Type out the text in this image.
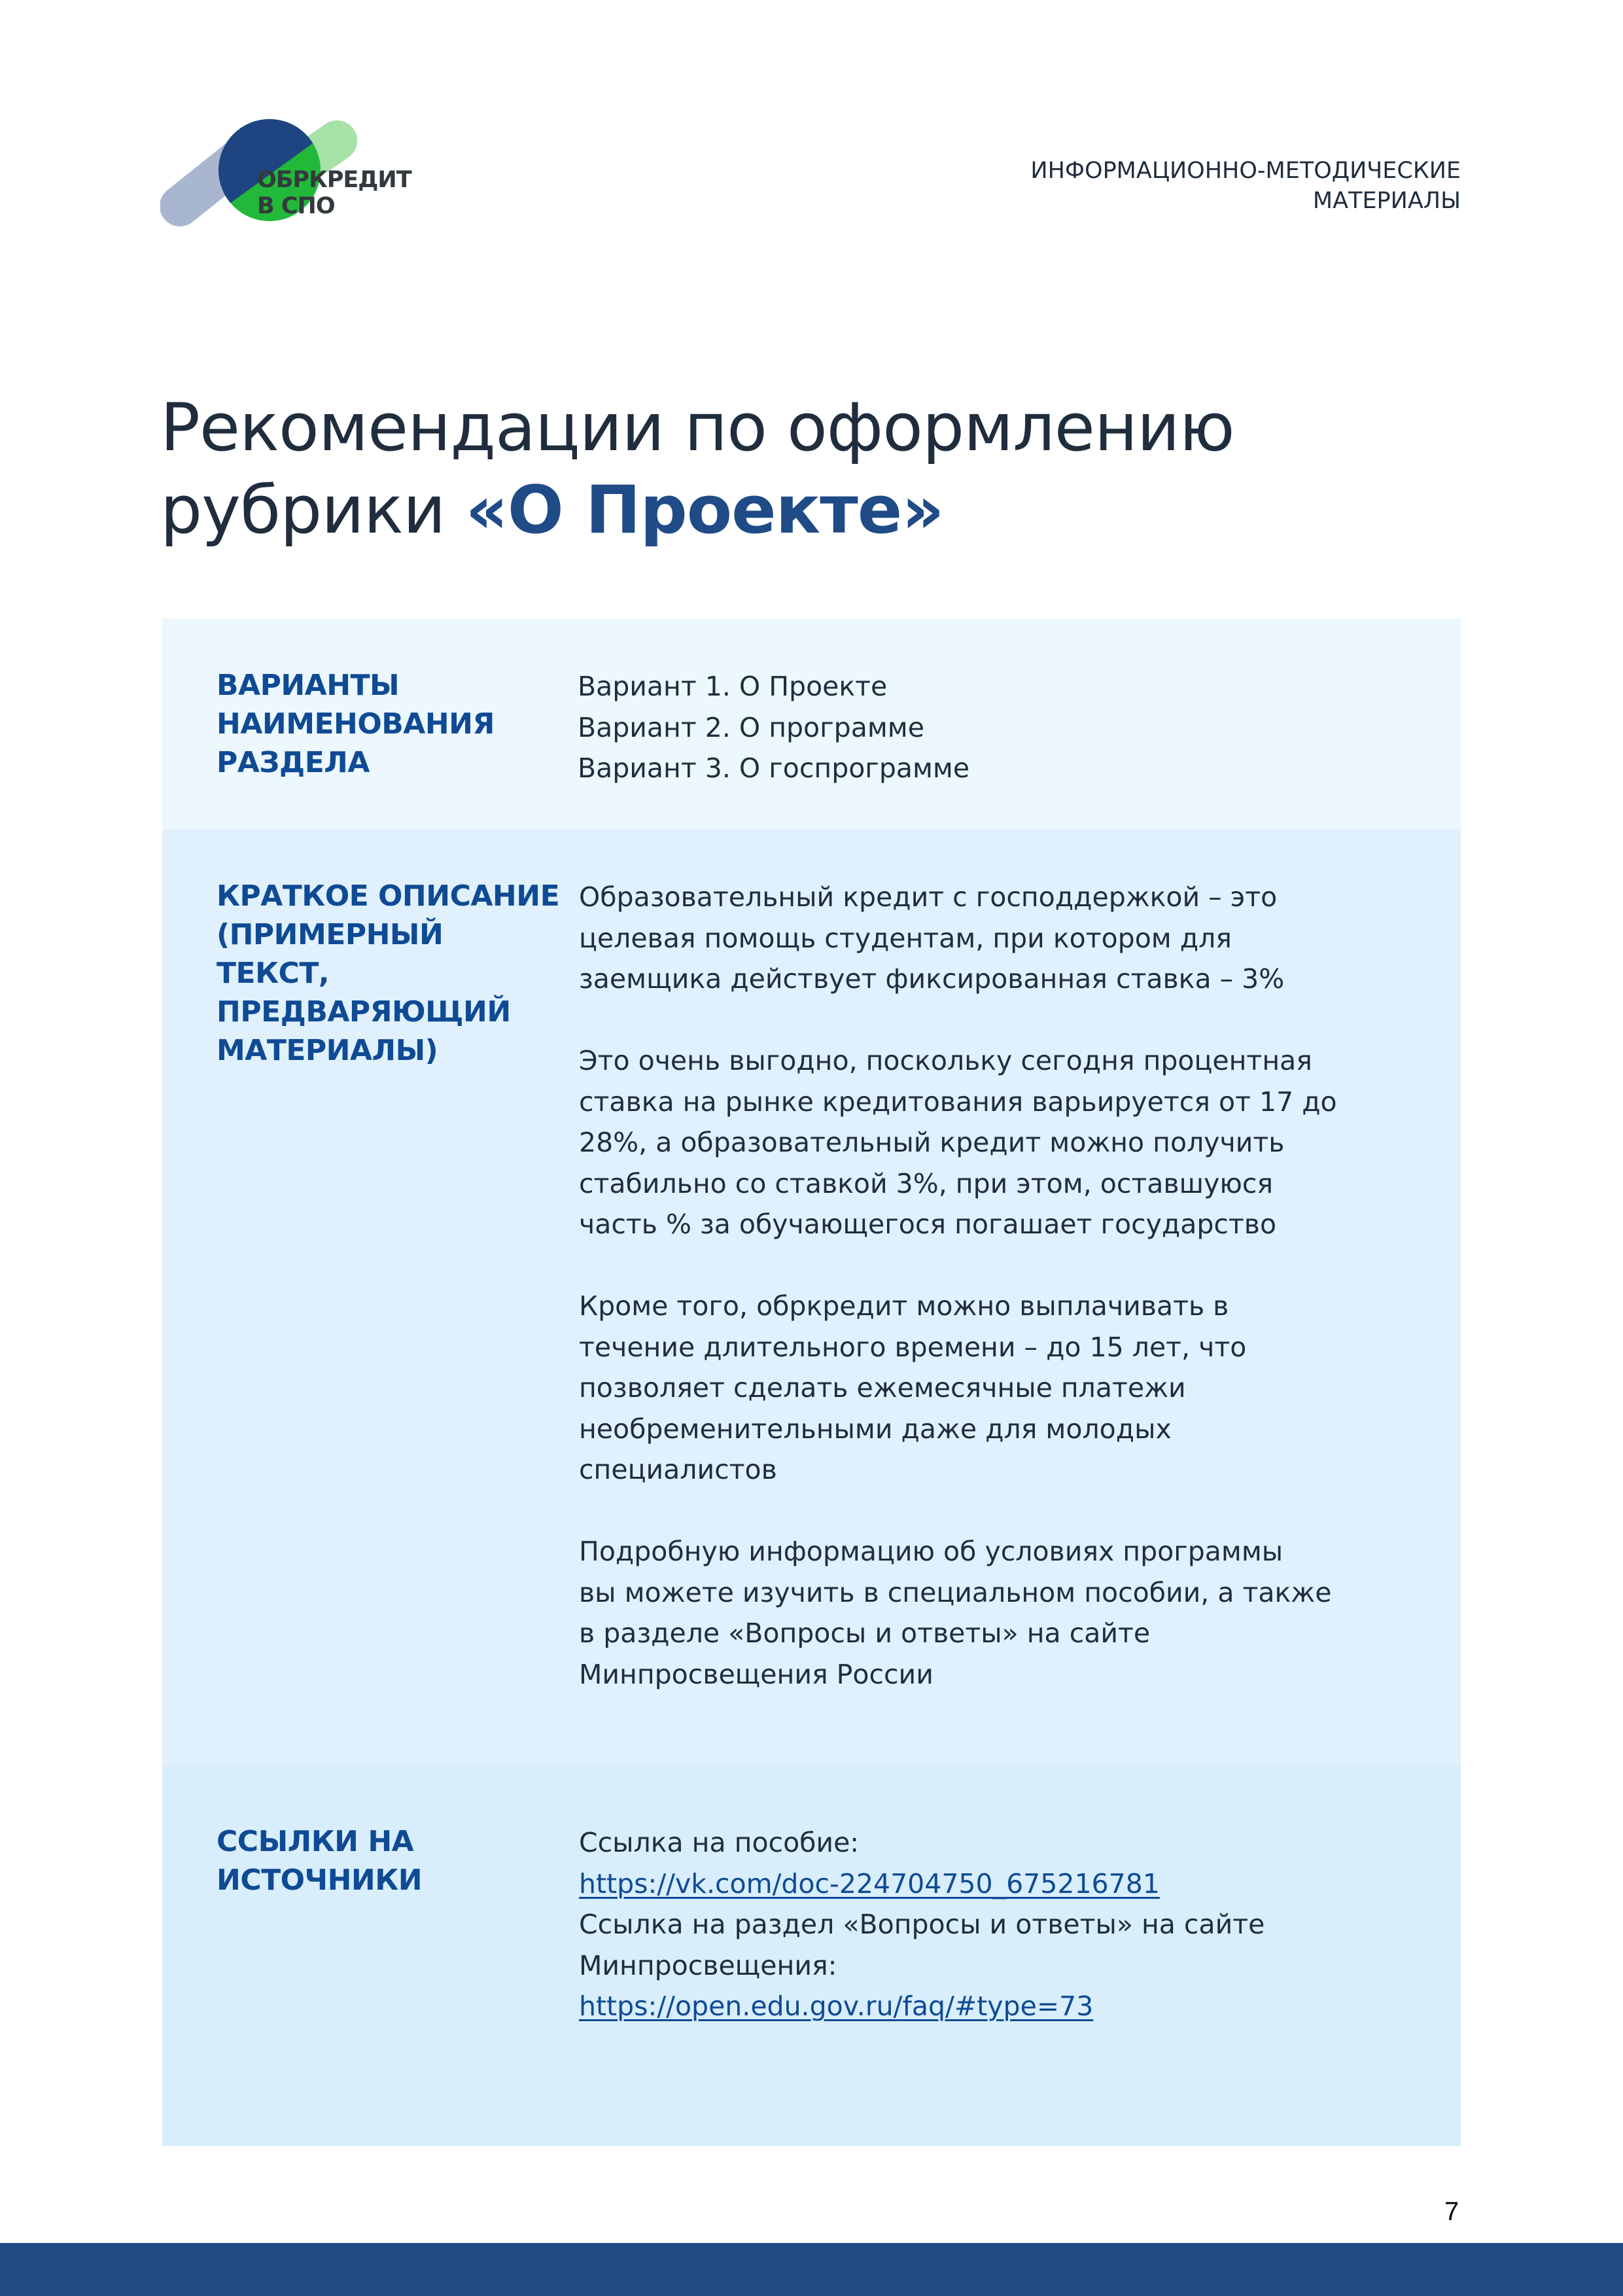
ОБРКРЕДИТ
В СПО
ИНФОРМАЦИОННО-МЕТОДИЧЕСКИЕ
МАТЕРИАЛЫ
Рекомендации по оформлению
рубрики «О Проекте»
ВАРИАНТЫ
НАИМЕНОВАНИЯ
РАЗДЕЛА
Вариант 1. О Проекте
Вариант 2. О программе
Вариант 3. О госпрограмме
КРАТКОЕ ОПИСАНИЕ
(ПРИМЕРНЫЙ ТЕКСТ,
ПРЕДВАРЯЮЩИЙ
МАТЕРИАЛЫ)
Образовательный кредит с господдержкой – это
целевая помощь студентам, при котором для
заемщика действует фиксированная ставка – 3%
Это очень выгодно, поскольку сегодня процентная
ставка на рынке кредитования варьируется от 17 до
28%, а образовательный кредит можно получить
стабильно со ставкой 3%, при этом, оставшуюся
часть % за обучающегося погашает государство
Кроме того, обркредит можно выплачивать в
течение длительного времени – до 15 лет, что
позволяет сделать ежемесячные платежи
необременительными даже для молодых
специалистов
Подробную информацию об условиях программы
вы можете изучить в специальном пособии, а также
в разделе «Вопросы и ответы» на сайте
Минпросвещения России
ССЫЛКИ НА
ИСТОЧНИКИ
Ссылка на пособие:
https://vk.com/doc-224704750_675216781
Ссылка на раздел «Вопросы и ответы» на сайте
Минпросвещения:
https://open.edu.gov.ru/faq/#type=73
7
